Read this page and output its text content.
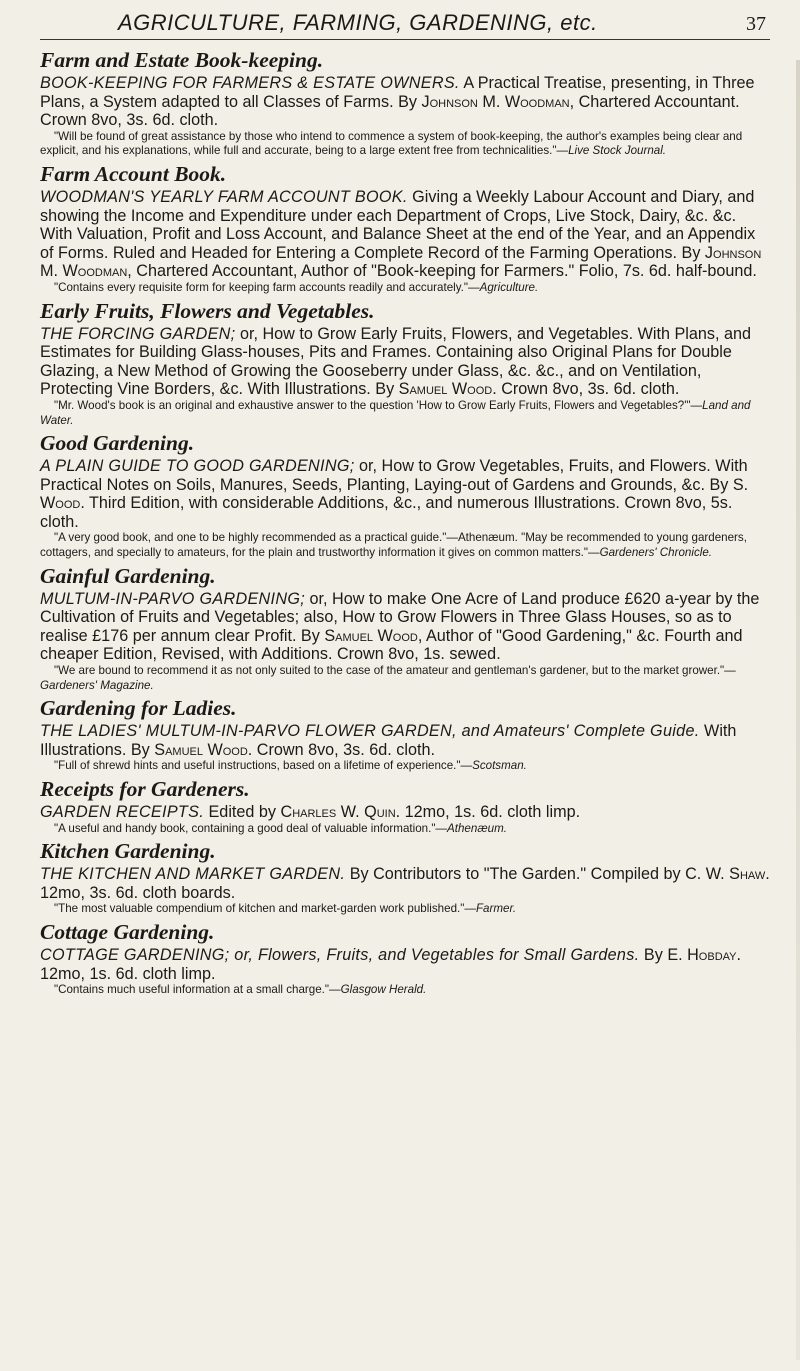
AGRICULTURE, FARMING, GARDENING, etc.	37
Farm and Estate Book-keeping.

BOOK-KEEPING FOR FARMERS & ESTATE OWNERS. A Practical Treatise, presenting, in Three Plans, a System adapted to all Classes of Farms. By Johnson M. Woodman, Chartered Accountant. Crown 8vo, 3s. 6d. cloth.

"Will be found of great assistance by those who intend to commence a system of book-keeping, the author's examples being clear and explicit, and his explanations, while full and accurate, being to a large extent free from technicalities."—Live Stock Journal.

Farm Account Book.

WOODMAN'S YEARLY FARM ACCOUNT BOOK. Giving a Weekly Labour Account and Diary, and showing the Income and Expenditure under each Department of Crops, Live Stock, Dairy, &c. &c. With Valuation, Profit and Loss Account, and Balance Sheet at the end of the Year, and an Appendix of Forms. Ruled and Headed for Entering a Complete Record of the Farming Operations. By Johnson M. Woodman, Chartered Accountant, Author of "Book-keeping for Farmers." Folio, 7s. 6d. half-bound.

"Contains every requisite form for keeping farm accounts readily and accurately."—Agriculture.

Early Fruits, Flowers and Vegetables.

THE FORCING GARDEN; or, How to Grow Early Fruits, Flowers, and Vegetables. With Plans, and Estimates for Building Glass-houses, Pits and Frames. Containing also Original Plans for Double Glazing, a New Method of Growing the Gooseberry under Glass, &c. &c., and on Ventilation, Protecting Vine Borders, &c. With Illustrations. By Samuel Wood. Crown 8vo, 3s. 6d. cloth.

"Mr. Wood's book is an original and exhaustive answer to the question 'How to Grow Early Fruits, Flowers and Vegetables?'"—Land and Water.

Good Gardening.

A PLAIN GUIDE TO GOOD GARDENING; or, How to Grow Vegetables, Fruits, and Flowers. With Practical Notes on Soils, Manures, Seeds, Planting, Laying-out of Gardens and Grounds, &c. By S. Wood. Third Edition, with considerable Additions, &c., and numerous Illustrations. Crown 8vo, 5s. cloth.

"A very good book, and one to be highly recommended as a practical guide."—Athenæum. "May be recommended to young gardeners, cottagers, and specially to amateurs, for the plain and trustworthy information it gives on common matters."—Gardeners' Chronicle.

Gainful Gardening.

MULTUM-IN-PARVO GARDENING; or, How to make One Acre of Land produce £620 a-year by the Cultivation of Fruits and Vegetables; also, How to Grow Flowers in Three Glass Houses, so as to realise £176 per annum clear Profit. By Samuel Wood, Author of "Good Gardening," &c. Fourth and cheaper Edition, Revised, with Additions. Crown 8vo, 1s. sewed.

"We are bound to recommend it as not only suited to the case of the amateur and gentleman's gardener, but to the market grower."—Gardeners' Magazine.

Gardening for Ladies.

THE LADIES' MULTUM-IN-PARVO FLOWER GARDEN, and Amateurs' Complete Guide. With Illustrations. By Samuel Wood. Crown 8vo, 3s. 6d. cloth.

"Full of shrewd hints and useful instructions, based on a lifetime of experience."—Scotsman.

Receipts for Gardeners.

GARDEN RECEIPTS. Edited by Charles W. Quin. 12mo, 1s. 6d. cloth limp.

"A useful and handy book, containing a good deal of valuable information."—Athenæum.

Kitchen Gardening.

THE KITCHEN AND MARKET GARDEN. By Contributors to "The Garden." Compiled by C. W. Shaw. 12mo, 3s. 6d. cloth boards.

"The most valuable compendium of kitchen and market-garden work published."—Farmer.

Cottage Gardening.

COTTAGE GARDENING; or, Flowers, Fruits, and Vegetables for Small Gardens. By E. Hobday. 12mo, 1s. 6d. cloth limp.

"Contains much useful information at a small charge."—Glasgow Herald.
